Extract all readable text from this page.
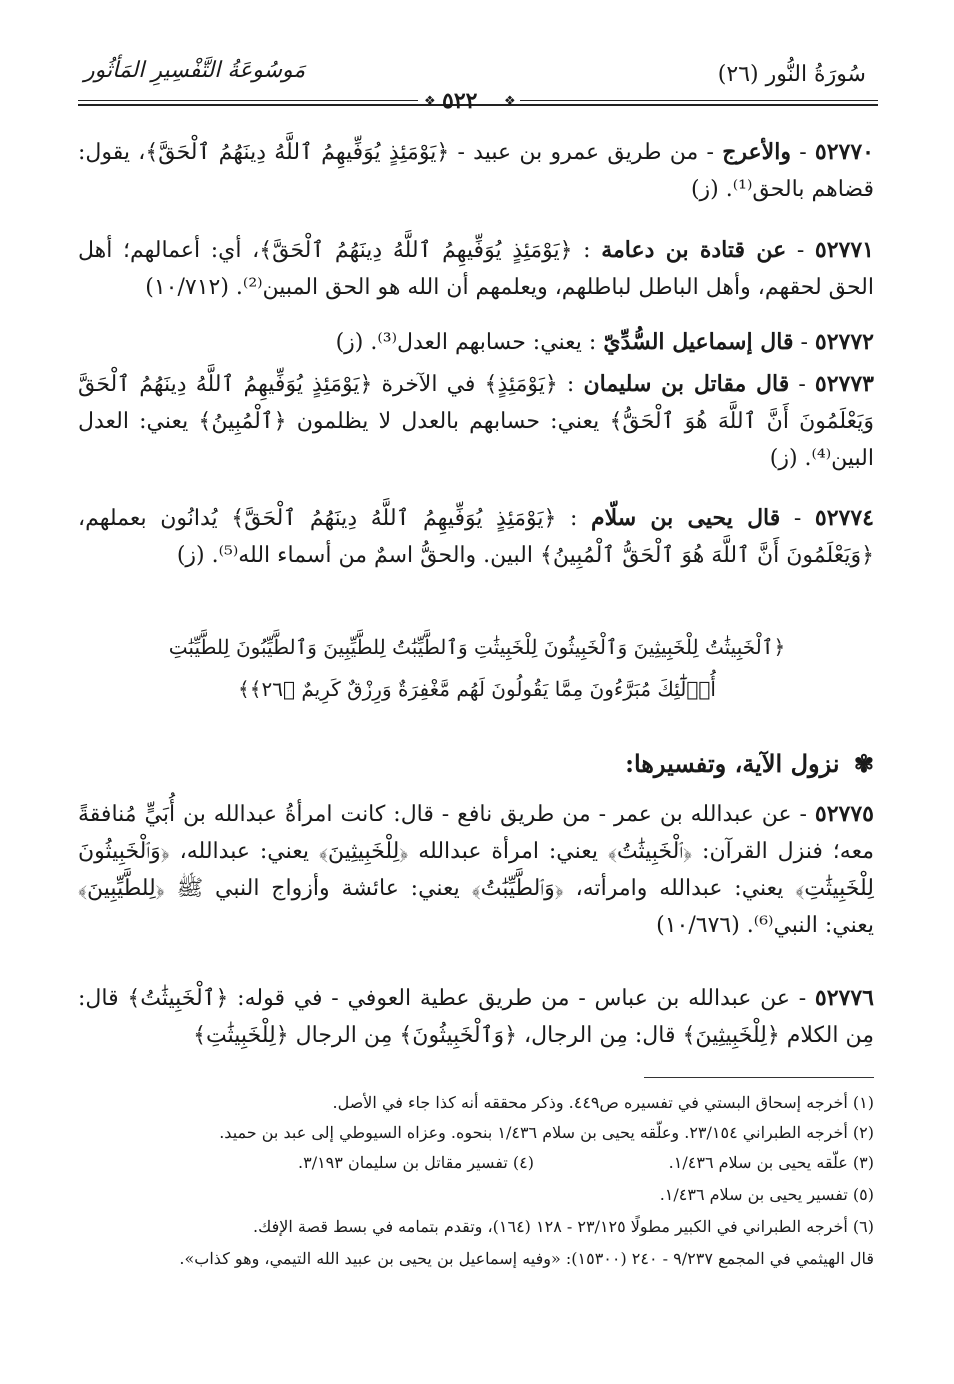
سُورَةُ النُّور (٢٦)
مَوسُوعَةُ التَّفْسِيرِ المَأثُور
❖	❖
٥٢٢
٥٢٧٧٠ - والأعرج - من طريق عمرو بن عبيد - ﴿يَوْمَئِذٍ يُوَفِّيهِمُ ٱللَّهُ دِينَهُمُ ٱلْحَقَّ﴾، يقول: قضاهم بالحق⁽¹⁾. (ز)
٥٢٧٧١ - عن قتادة بن دعامة : ﴿يَوْمَئِذٍ يُوَفِّيهِمُ ٱللَّهُ دِينَهُمُ ٱلْحَقَّ﴾، أي: أعمالهم؛ أهل الحق لحقهم، وأهل الباطل لباطلهم، ويعلمهم أن الله هو الحق المبين⁽²⁾. (١٠/٧١٢)
٥٢٧٧٢ - قال إسماعيل السُّدِّيّ : يعني: حسابهم العدل⁽³⁾. (ز)
٥٢٧٧٣ - قال مقاتل بن سليمان : ﴿يَوْمَئِذٍ﴾ في الآخرة ﴿يَوْمَئِذٍ يُوَفِّيهِمُ ٱللَّهُ دِينَهُمُ ٱلْحَقَّ وَيَعْلَمُونَ أَنَّ ٱللَّهَ هُوَ ٱلْحَقُّ﴾ يعني: حسابهم بالعدل لا يظلمون ﴿ٱلْمُبِينُ﴾ يعني: العدل البين⁽⁴⁾. (ز)
٥٢٧٧٤ - قال يحيى بن سلّام : ﴿يَوْمَئِذٍ يُوَفِّيهِمُ ٱللَّهُ دِينَهُمُ ٱلْحَقَّ﴾ يُدانُون بعملهم، ﴿وَيَعْلَمُونَ أَنَّ ٱللَّهَ هُوَ ٱلْحَقُّ ٱلْمُبِينُ﴾ البين. والحقُّ اسمٌ من أسماء الله⁽⁵⁾. (ز)
﴿ٱلْخَبِيثَٰتُ لِلْخَبِيثِينَ وَٱلْخَبِيثُونَ لِلْخَبِيثَٰتِ وَٱلطَّيِّبَٰتُ لِلطَّيِّبِينَ وَٱلطَّيِّبُونَ لِلطَّيِّبَٰتِ
أُو۟لَٰٓئِكَ مُبَرَّءُونَ مِمَّا يَقُولُونَ لَهُم مَّغْفِرَةٌ وَرِزْقٌ كَرِيمٌ ﴿٢٦﴾﴾
✾ نزول الآية، وتفسيرها:
٥٢٧٧٥ - عن عبدالله بن عمر - من طريق نافع - قال: كانت امرأةُ عبدالله بن أُبَيٍّ مُنافقةً معه؛ فنزل القرآن: ﴿ٱلْخَبِيثَٰتُ﴾ يعني: امرأة عبدالله ﴿لِلْخَبِيثِينَ﴾ يعني: عبدالله، ﴿وَٱلْخَبِيثُونَ لِلْخَبِيثَٰتِ﴾ يعني: عبدالله وامرأته، ﴿وَٱلطَّيِّبَٰتُ﴾ يعني: عائشة وأزواج النبي ﷺ ﴿لِلطَّيِّبِينَ﴾ يعني: النبي⁽⁶⁾. (١٠/٦٧٦)
٥٢٧٧٦ - عن عبدالله بن عباس - من طريق عطية العوفي - في قوله: ﴿ٱلْخَبِيثَٰتُ﴾ قال: مِن الكلام ﴿لِلْخَبِيثِينَ﴾ قال: مِن الرجال، ﴿وَٱلْخَبِيثُونَ﴾ مِن الرجال ﴿لِلْخَبِيثَٰتِ﴾
(١) أخرجه إسحاق البستي في تفسيره ص٤٤٩. وذكر محققه أنه كذا جاء في الأصل.
(٢) أخرجه الطبراني ٢٣/١٥٤. وعلّقه يحيى بن سلام ١/٤٣٦ بنحوه. وعزاه السيوطي إلى عبد بن حميد.
(٣) علّقه يحيى بن سلام ١/٤٣٦.
(٤) تفسير مقاتل بن سليمان ٣/١٩٣.
(٥) تفسير يحيى بن سلام ١/٤٣٦.
(٦) أخرجه الطبراني في الكبير مطولًا ٢٣/١٢٥ - ١٢٨ (١٦٤)، وتقدم بتمامه في بسط قصة الإفك.
قال الهيثمي في المجمع ٩/٢٣٧ - ٢٤٠ (١٥٣٠٠): «وفيه إسماعيل بن يحيى بن عبيد الله التيمي، وهو كذاب».
